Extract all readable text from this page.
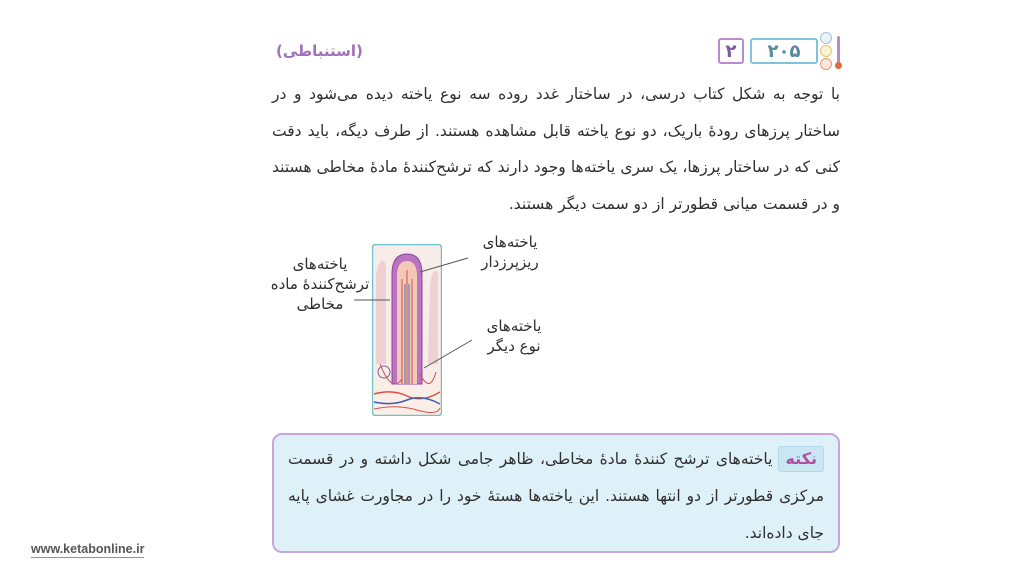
(استنباطی)	۲	۲۰۵
با توجه به شکل کتاب درسی، در ساختار غدد روده سه نوع یاخته دیده می‌شود و در ساختار پرزهای رودهٔ باریک، دو نوع یاخته قابل مشاهده هستند. از طرف دیگه، باید دقت کنی که در ساختار پرزها، یک سری یاخته‌ها وجود دارند که ترشح‌کنندهٔ مادهٔ مخاطی هستند و در قسمت میانی قطورتر از دو سمت دیگر هستند.
یاخته‌های ترشح‌کنندهٔ ماده مخاطی
یاخته‌های ریزپرزدار
یاخته‌های نوع دیگر
نکتهیاخته‌های ترشح کنندهٔ مادهٔ مخاطی، ظاهر جامی شکل داشته و در قسمت مرکزی قطورتر از دو انتها هستند. این یاخته‌ها هستهٔ خود را در مجاورت غشای پایه جای داده‌اند.
www.ketabonline.ir
